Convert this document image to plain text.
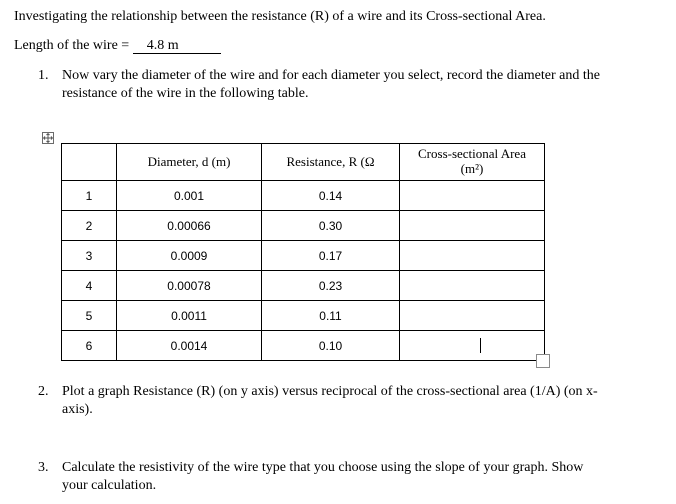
Investigating the relationship between the resistance (R) of a wire and its Cross-sectional Area.
Length of the wire = 4.8 m
1. Now vary the diameter of the wire and for each diameter you select, record the diameter and the
resistance of the wire in the following table.
	Diameter, d (m)	Resistance, R (Ω	Cross-sectional Area
(m²)
1	0.001	0.14	
2	0.00066	0.30	
3	0.0009	0.17	
4	0.00078	0.23	
5	0.0011	0.11	
6	0.0014	0.10	
2. Plot a graph Resistance (R) (on y axis) versus reciprocal of the cross-sectional area (1/A) (on x-
axis).
3. Calculate the resistivity of the wire type that you choose using the slope of your graph. Show
your calculation.
